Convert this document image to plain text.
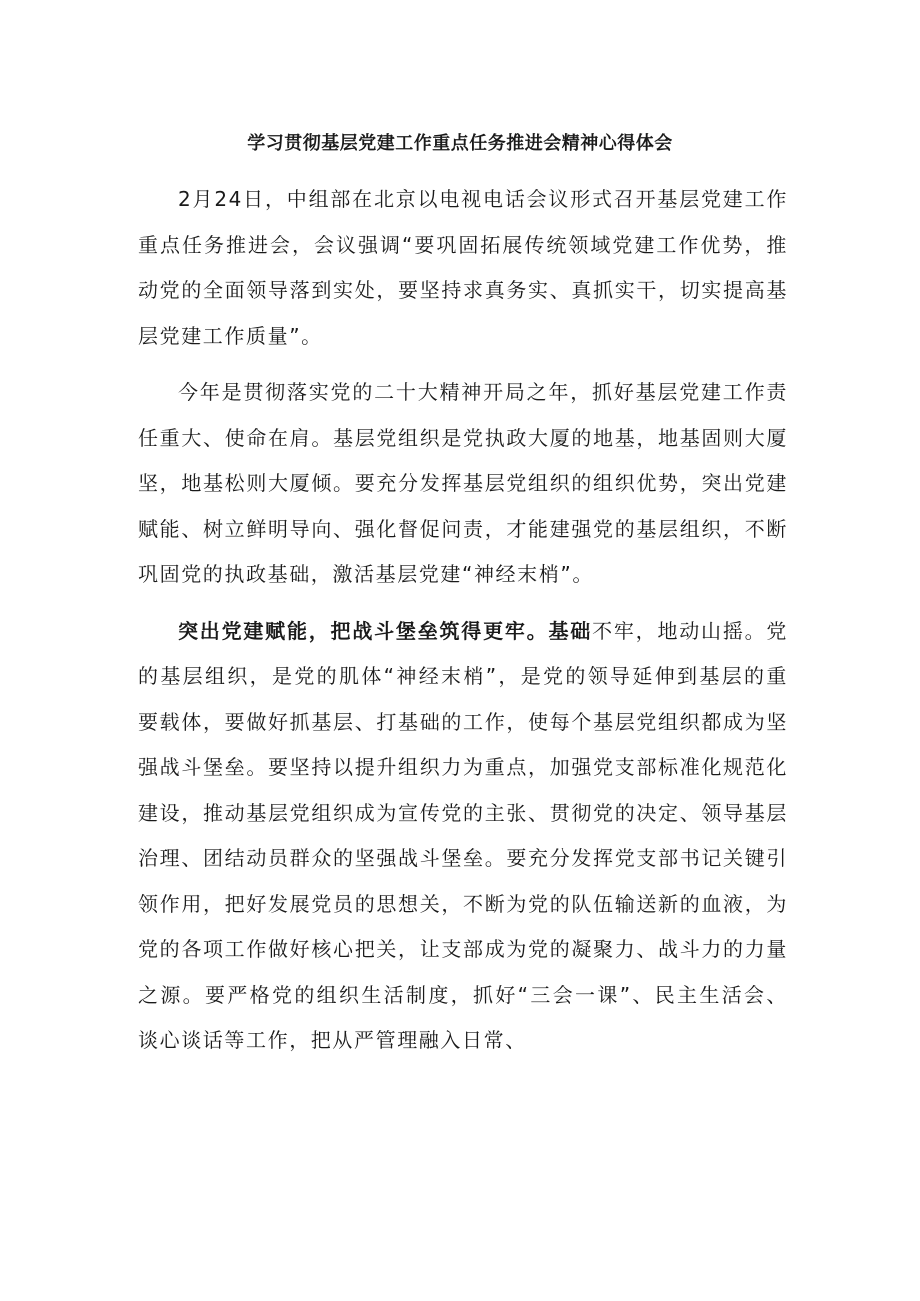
学习贯彻基层党建工作重点任务推进会精神心得体会

2月24日，中组部在北京以电视电话会议形式召开基层党建工作重点任务推进会，会议强调“要巩固拓展传统领域党建工作优势，推动党的全面领导落到实处，要坚持求真务实、真抓实干，切实提高基层党建工作质量”。

今年是贯彻落实党的二十大精神开局之年，抓好基层党建工作责任重大、使命在肩。基层党组织是党执政大厦的地基，地基固则大厦坚，地基松则大厦倾。要充分发挥基层党组织的组织优势，突出党建赋能、树立鲜明导向、强化督促问责，才能建强党的基层组织，不断巩固党的执政基础，激活基层党建“神经末梢”。

突出党建赋能，把战斗堡垒筑得更牢。基础不牢，地动山摇。党的基层组织，是党的肌体“神经末梢”，是党的领导延伸到基层的重要载体，要做好抓基层、打基础的工作，使每个基层党组织都成为坚强战斗堡垒。要坚持以提升组织力为重点，加强党支部标准化规范化建设，推动基层党组织成为宣传党的主张、贯彻党的决定、领导基层治理、团结动员群众的坚强战斗堡垒。要充分发挥党支部书记关键引领作用，把好发展党员的思想关，不断为党的队伍输送新的血液，为党的各项工作做好核心把关，让支部成为党的凝聚力、战斗力的力量之源。要严格党的组织生活制度，抓好“三会一课”、民主生活会、谈心谈话等工作，把从严管理融入日常、
